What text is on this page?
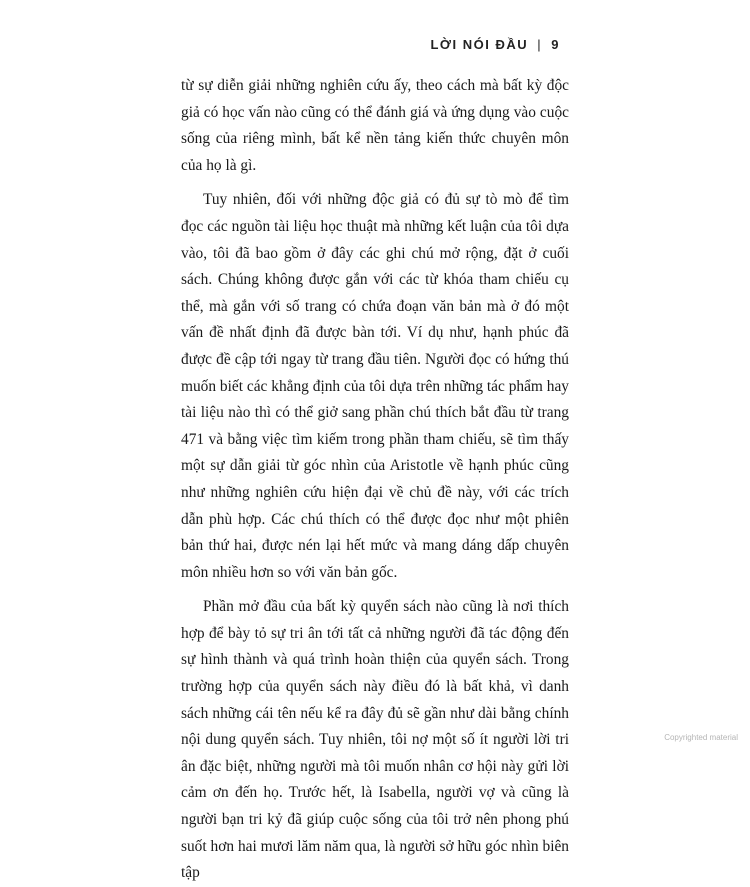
LỜI NÓI ĐẦU | 9

từ sự diễn giải những nghiên cứu ấy, theo cách mà bất kỳ độc giả có học vấn nào cũng có thể đánh giá và ứng dụng vào cuộc sống của riêng mình, bất kể nền tảng kiến thức chuyên môn của họ là gì.

Tuy nhiên, đối với những độc giả có đủ sự tò mò để tìm đọc các nguồn tài liệu học thuật mà những kết luận của tôi dựa vào, tôi đã bao gồm ở đây các ghi chú mở rộng, đặt ở cuối sách. Chúng không được gắn với các từ khóa tham chiếu cụ thể, mà gắn với số trang có chứa đoạn văn bản mà ở đó một vấn đề nhất định đã được bàn tới. Ví dụ như, hạnh phúc đã được đề cập tới ngay từ trang đầu tiên. Người đọc có hứng thú muốn biết các khẳng định của tôi dựa trên những tác phẩm hay tài liệu nào thì có thể giở sang phần chú thích bắt đầu từ trang 471 và bằng việc tìm kiếm trong phần tham chiếu, sẽ tìm thấy một sự dẫn giải từ góc nhìn của Aristotle về hạnh phúc cũng như những nghiên cứu hiện đại về chủ đề này, với các trích dẫn phù hợp. Các chú thích có thể được đọc như một phiên bản thứ hai, được nén lại hết mức và mang dáng dấp chuyên môn nhiều hơn so với văn bản gốc.

Phần mở đầu của bất kỳ quyển sách nào cũng là nơi thích hợp để bày tỏ sự tri ân tới tất cả những người đã tác động đến sự hình thành và quá trình hoàn thiện của quyển sách. Trong trường hợp của quyển sách này điều đó là bất khả, vì danh sách những cái tên nếu kể ra đây đủ sẽ gần như dài bằng chính nội dung quyển sách. Tuy nhiên, tôi nợ một số ít người lời tri ân đặc biệt, những người mà tôi muốn nhân cơ hội này gửi lời cảm ơn đến họ. Trước hết, là Isabella, người vợ và cũng là người bạn tri kỷ đã giúp cuộc sống của tôi trở nên phong phú suốt hơn hai mươi lăm năm qua, là người sở hữu góc nhìn biên tập

Copyrighted material
